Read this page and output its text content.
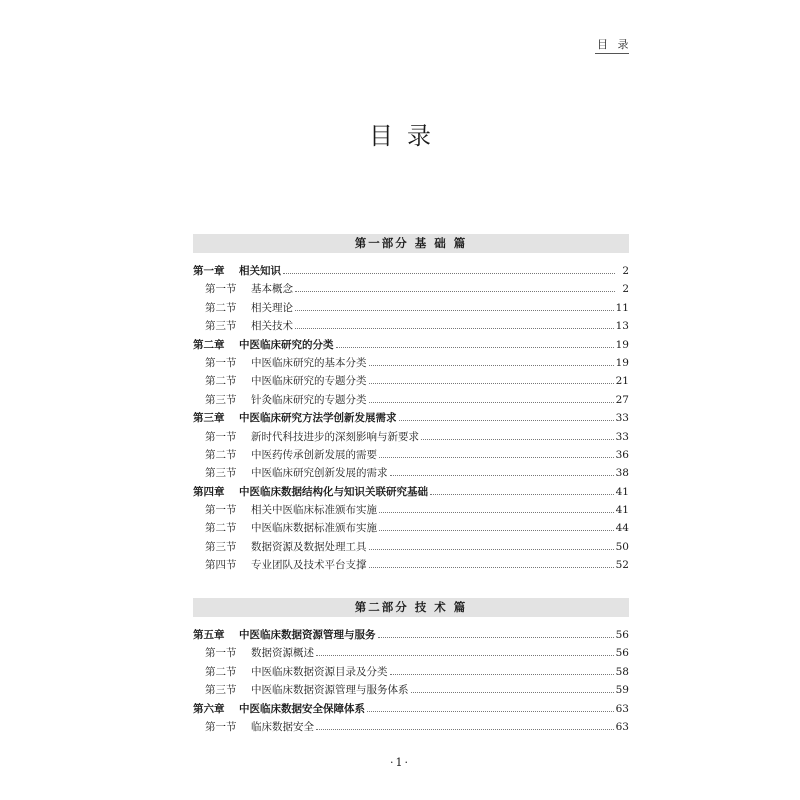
目 录
目录
第一部分 基 础 篇
第一章	相关知识	2
第一节	基本概念	2
第二节	相关理论	11
第三节	相关技术	13
第二章	中医临床研究的分类	19
第一节	中医临床研究的基本分类	19
第二节	中医临床研究的专题分类	21
第三节	针灸临床研究的专题分类	27
第三章	中医临床研究方法学创新发展需求	33
第一节	新时代科技进步的深刻影响与新要求	33
第二节	中医药传承创新发展的需要	36
第三节	中医临床研究创新发展的需求	38
第四章	中医临床数据结构化与知识关联研究基础	41
第一节	相关中医临床标准颁布实施	41
第二节	中医临床数据标准颁布实施	44
第三节	数据资源及数据处理工具	50
第四节	专业团队及技术平台支撑	52
第二部分 技 术 篇
第五章	中医临床数据资源管理与服务	56
第一节	数据资源概述	56
第二节	中医临床数据资源目录及分类	58
第三节	中医临床数据资源管理与服务体系	59
第六章	中医临床数据安全保障体系	63
第一节	临床数据安全	63
·1·
